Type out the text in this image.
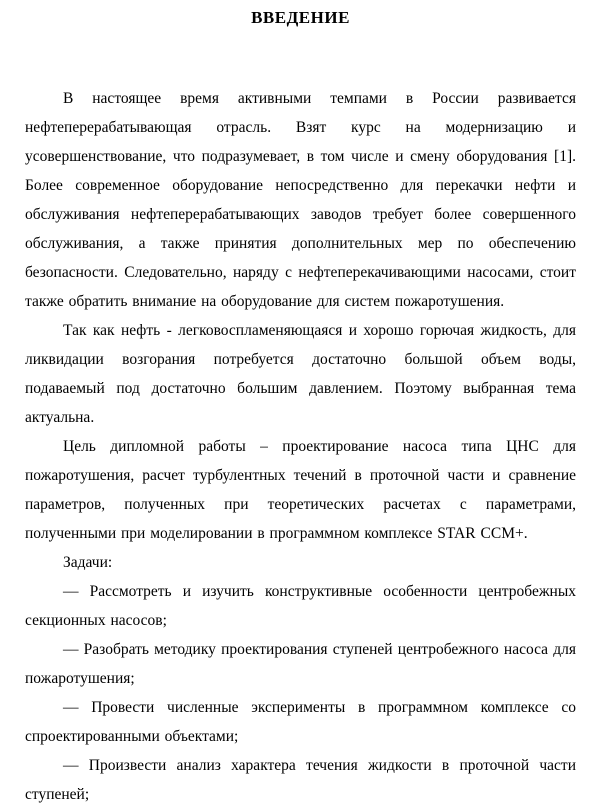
ВВЕДЕНИЕ

В настоящее время активными темпами в России развивается нефтеперерабатывающая отрасль. Взят курс на модернизацию и усовершенствование, что подразумевает, в том числе и смену оборудования [1]. Более современное оборудование непосредственно для перекачки нефти и обслуживания нефтеперерабатывающих заводов требует более совершенного обслуживания, а также принятия дополнительных мер по обеспечению безопасности. Следовательно, наряду с нефтеперекачивающими насосами, стоит также обратить внимание на оборудование для систем пожаротушения.

Так как нефть - легковоспламеняющаяся и хорошо горючая жидкость, для ликвидации возгорания потребуется достаточно большой объем воды, подаваемый под достаточно большим давлением. Поэтому выбранная тема актуальна.

Цель дипломной работы – проектирование насоса типа ЦНС для пожаротушения, расчет турбулентных течений в проточной части и сравнение параметров, полученных при теоретических расчетах с параметрами, полученными при моделировании в программном комплексе STAR CCM+.

Задачи:

— Рассмотреть и изучить конструктивные особенности центробежных секционных насосов;

— Разобрать методику проектирования ступеней центробежного насоса для пожаротушения;

— Провести численные эксперименты в программном комплексе со спроектированными объектами;

— Произвести анализ характера течения жидкости в проточной части ступеней;
